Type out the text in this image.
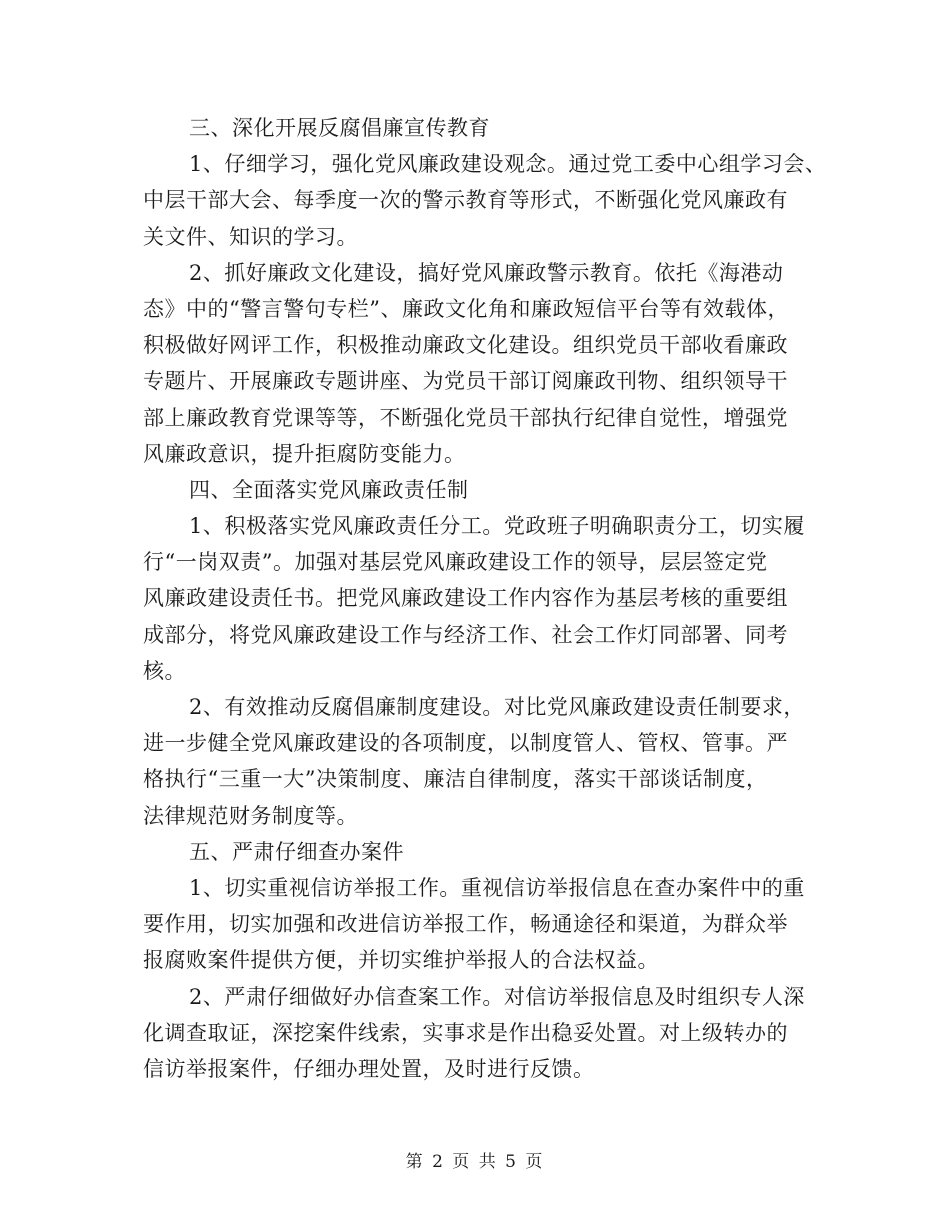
三、深化开展反腐倡廉宣传教育
1、仔细学习，强化党风廉政建设观念。通过党工委中心组学习会、
中层干部大会、每季度一次的警示教育等形式，不断强化党风廉政有
关文件、知识的学习。
2、抓好廉政文化建设，搞好党风廉政警示教育。依托《海港动
态》中的“警言警句专栏”、廉政文化角和廉政短信平台等有效载体，
积极做好网评工作，积极推动廉政文化建设。组织党员干部收看廉政
专题片、开展廉政专题讲座、为党员干部订阅廉政刊物、组织领导干
部上廉政教育党课等等，不断强化党员干部执行纪律自觉性，增强党
风廉政意识，提升拒腐防变能力。
四、全面落实党风廉政责任制
1、积极落实党风廉政责任分工。党政班子明确职责分工，切实履
行“一岗双责”。加强对基层党风廉政建设工作的领导，层层签定党
风廉政建设责任书。把党风廉政建设工作内容作为基层考核的重要组
成部分，将党风廉政建设工作与经济工作、社会工作灯同部署、同考
核。
2、有效推动反腐倡廉制度建设。对比党风廉政建设责任制要求，
进一步健全党风廉政建设的各项制度，以制度管人、管权、管事。严
格执行“三重一大”决策制度、廉洁自律制度，落实干部谈话制度，
法律规范财务制度等。
五、严肃仔细查办案件
1、切实重视信访举报工作。重视信访举报信息在查办案件中的重
要作用，切实加强和改进信访举报工作，畅通途径和渠道，为群众举
报腐败案件提供方便，并切实维护举报人的合法权益。
2、严肃仔细做好办信查案工作。对信访举报信息及时组织专人深
化调查取证，深挖案件线索，实事求是作出稳妥处置。对上级转办的
信访举报案件，仔细办理处置，及时进行反馈。
第 2 页 共 5 页
